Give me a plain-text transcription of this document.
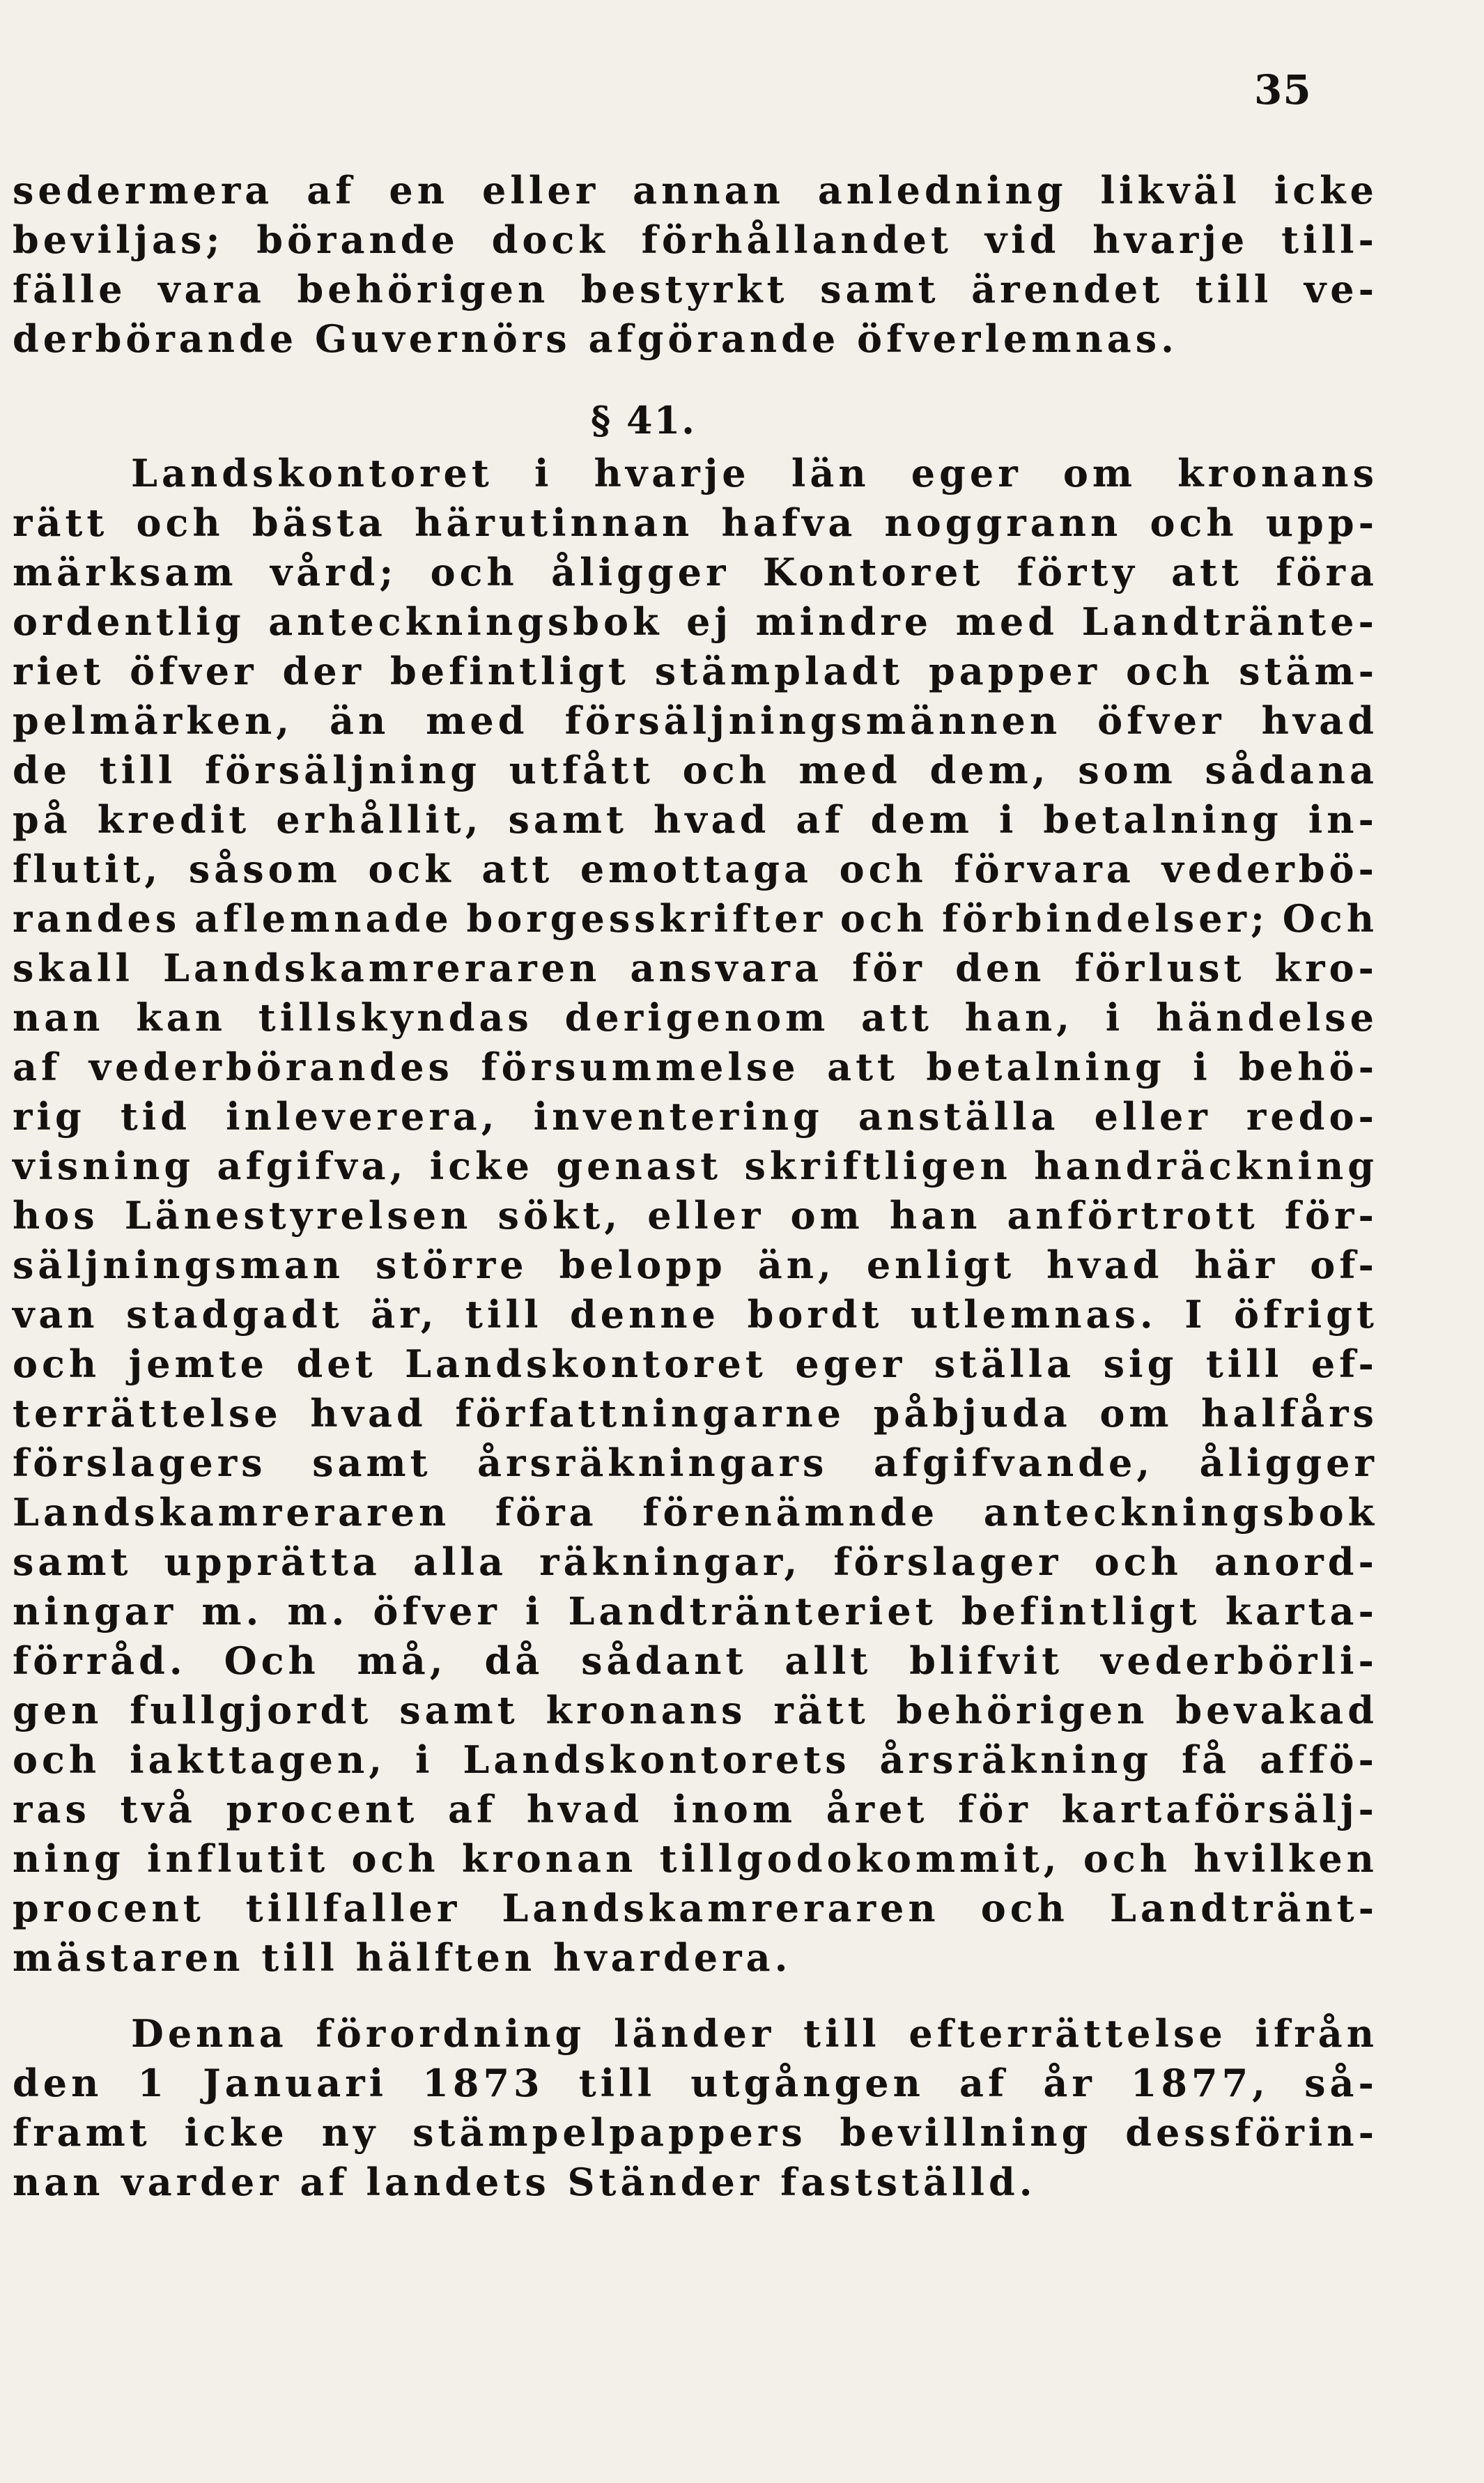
35
sedermera af en eller annan anledning likväl icke
beviljas; börande dock förhållandet vid hvarje till-
fälle vara behörigen bestyrkt samt ärendet till ve-
derbörande Guvernörs afgörande öfverlemnas.
§ 41.
Landskontoret i hvarje län eger om kronans
rätt och bästa härutinnan hafva noggrann och upp-
märksam vård; och åligger Kontoret förty att föra
ordentlig anteckningsbok ej mindre med Landtränte-
riet öfver der befintligt stämpladt papper och stäm-
pelmärken, än med försäljningsmännen öfver hvad
de till försäljning utfått och med dem, som sådana
på kredit erhållit, samt hvad af dem i betalning in-
flutit, såsom ock att emottaga och förvara vederbö-
randes aflemnade borgesskrifter och förbindelser; Och
skall Landskamreraren ansvara för den förlust kro-
nan kan tillskyndas derigenom att han, i händelse
af vederbörandes försummelse att betalning i behö-
rig tid inleverera, inventering anställa eller redo-
visning afgifva, icke genast skriftligen handräckning
hos Länestyrelsen sökt, eller om han anförtrott för-
säljningsman större belopp än, enligt hvad här of-
van stadgadt är, till denne bordt utlemnas. I öfrigt
och jemte det Landskontoret eger ställa sig till ef-
terrättelse hvad författningarne påbjuda om halfårs
förslagers samt årsräkningars afgifvande, åligger
Landskamreraren föra förenämnde anteckningsbok
samt upprätta alla räkningar, förslager och anord-
ningar m. m. öfver i Landtränteriet befintligt karta-
förråd. Och må, då sådant allt blifvit vederbörli-
gen fullgjordt samt kronans rätt behörigen bevakad
och iakttagen, i Landskontorets årsräkning få affö-
ras två procent af hvad inom året för kartaförsälj-
ning influtit och kronan tillgodokommit, och hvilken
procent tillfaller Landskamreraren och Landtränt-
mästaren till hälften hvardera.
Denna förordning länder till efterrättelse ifrån
den 1 Januari 1873 till utgången af år 1877, så-
framt icke ny stämpelpappers bevillning dessförin-
nan varder af landets Ständer fastställd.
